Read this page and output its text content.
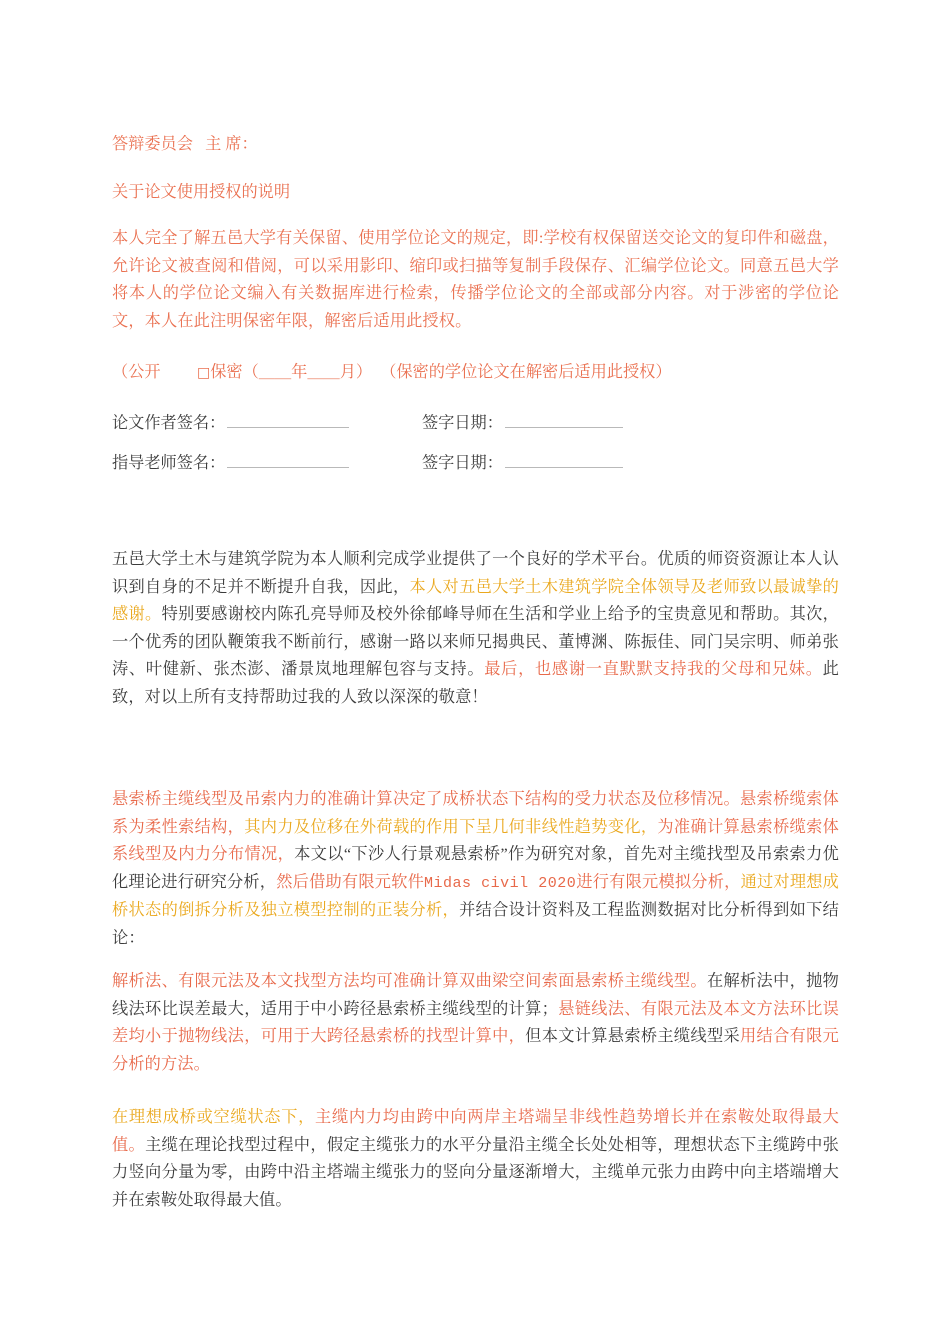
答辩委员会   主 席：
关于论文使用授权的说明

本人完全了解五邑大学有关保留、使用学位论文的规定，即:学校有权保留送交论文的复印件和磁盘，允许论文被查阅和借阅，可以采用影印、缩印或扫描等复制手段保存、汇编学位论文。同意五邑大学将本人的学位论文编入有关数据库进行检索，传播学位论文的全部或部分内容。对于涉密的学位论文，本人在此注明保密年限，解密后适用此授权。

（公开 　　□保密（＿＿年＿＿月） （保密的学位论文在解密后适用此授权）
论文作者签名：	签字日期：
指导老师签名：	签字日期：

五邑大学土木与建筑学院为本人顺利完成学业提供了一个良好的学术平台。优质的师资资源让本人认识到自身的不足并不断提升自我，因此，本人对五邑大学土木建筑学院全体领导及老师致以最诚挚的感谢。特别要感谢校内陈孔亮导师及校外徐郁峰导师在生活和学业上给予的宝贵意见和帮助。其次，一个优秀的团队鞭策我不断前行，感谢一路以来师兄揭典民、董博渊、陈振佳、同门吴宗明、师弟张涛、叶健新、张杰澎、潘景岚地理解包容与支持。最后，也感谢一直默默支持我的父母和兄妹。此致，对以上所有支持帮助过我的人致以深深的敬意！

悬索桥主缆线型及吊索内力的准确计算决定了成桥状态下结构的受力状态及位移情况。悬索桥缆索体系为柔性索结构，其内力及位移在外荷载的作用下呈几何非线性趋势变化，为准确计算悬索桥缆索体系线型及内力分布情况，本文以“下沙人行景观悬索桥”作为研究对象，首先对主缆找型及吊索索力优化理论进行研究分析，然后借助有限元软件Midas civil 2020进行有限元模拟分析，通过对理想成桥状态的倒拆分析及独立模型控制的正装分析，并结合设计资料及工程监测数据对比分析得到如下结论：

解析法、有限元法及本文找型方法均可准确计算双曲梁空间索面悬索桥主缆线型。在解析法中，抛物线法环比误差最大，适用于中小跨径悬索桥主缆线型的计算；悬链线法、有限元法及本文方法环比误差均小于抛物线法，可用于大跨径悬索桥的找型计算中，但本文计算悬索桥主缆线型采用结合有限元分析的方法。

在理想成桥或空缆状态下，主缆内力均由跨中向两岸主塔端呈非线性趋势增长并在索鞍处取得最大值。主缆在理论找型过程中，假定主缆张力的水平分量沿主缆全长处处相等，理想状态下主缆跨中张力竖向分量为零，由跨中沿主塔端主缆张力的竖向分量逐渐增大，主缆单元张力由跨中向主塔端增大并在索鞍处取得最大值。
